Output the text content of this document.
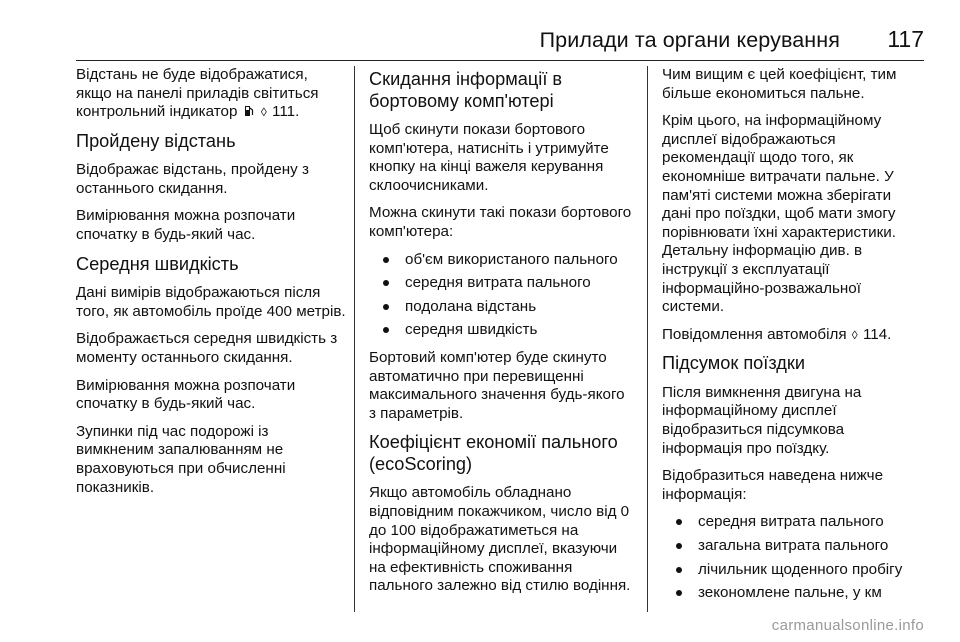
Прилади та органи керування 117

Відстань не буде відображатися, якщо на панелі приладів світиться контрольний індикатор ◊ 111.

Пройдену відстань

Відображає відстань, пройдену з останнього скидання.

Вимірювання можна розпочати спочатку в будь-який час.

Середня швидкість

Дані вимірів відображаються після того, як автомобіль проїде 400 метрів.

Відображається середня швидкість з моменту останнього скидання.

Вимірювання можна розпочати спочатку в будь-який час.

Зупинки під час подорожі із вимкненим запалюванням не враховуються при обчисленні показників.

Скидання інформації в бортовому комп'ютері

Щоб скинути покази бортового комп'ютера, натисніть і утримуйте кнопку на кінці важеля керування склоочисниками.

Можна скинути такі покази бортового комп'ютера:

об'єм використаного пального
середня витрата пального
подолана відстань
середня швидкість

Бортовий комп'ютер буде скинуто автоматично при перевищенні максимального значення будь-якого з параметрів.

Коефіцієнт економії пального (ecoScoring)

Якщо автомобіль обладнано відповідним покажчиком, число від 0 до 100 відображатиметься на інформаційному дисплеї, вказуючи на ефективність споживання пального залежно від стилю водіння.

Чим вищим є цей коефіцієнт, тим більше економиться пальне.

Крім цього, на інформаційному дисплеї відображаються рекомендації щодо того, як економніше витрачати пальне. У пам'яті системи можна зберігати дані про поїздки, щоб мати змогу порівнювати їхні характеристики. Детальну інформацію див. в інструкції з експлуатації інформаційно-розважальної системи.

Повідомлення автомобіля ◊ 114.

Підсумок поїздки

Після вимкнення двигуна на інформаційному дисплеї відобразиться підсумкова інформація про поїздку.

Відобразиться наведена нижче інформація:

середня витрата пального
загальна витрата пального
лічильник щоденного пробігу
зекономлене пальне, у км
carmanualsonline.info
